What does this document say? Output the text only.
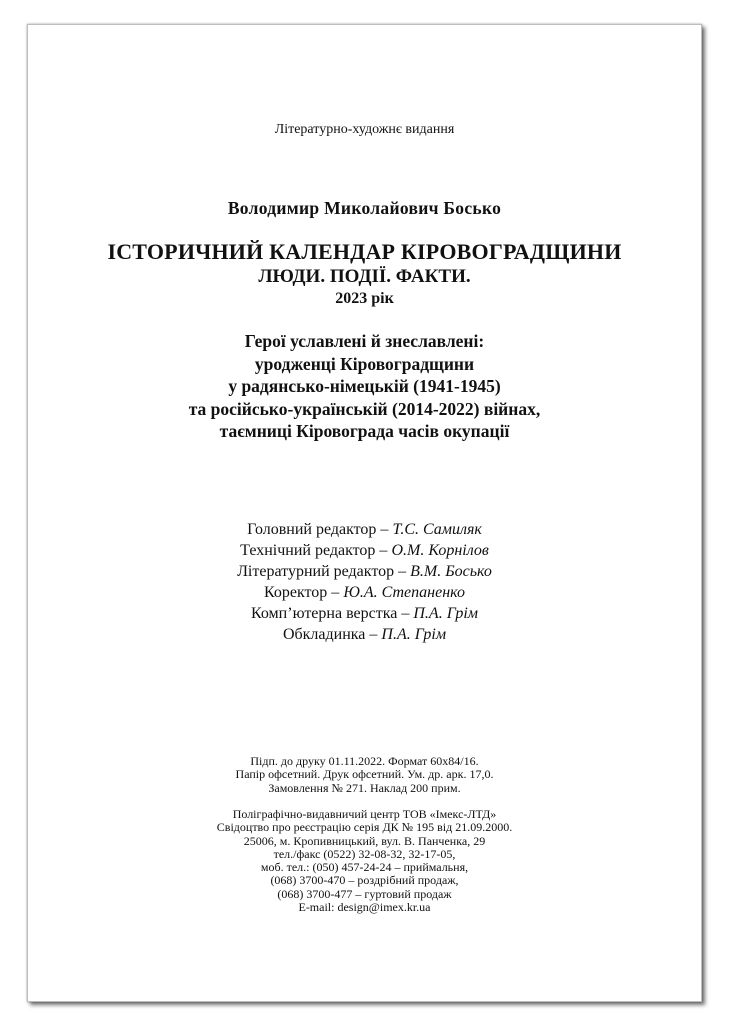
Літературно-художнє видання
Володимир Миколайович Босько
ІСТОРИЧНИЙ КАЛЕНДАР КІРОВОГРАДЩИНИ
ЛЮДИ. ПОДІЇ. ФАКТИ.
2023 рік
Герої уславлені й знеславлені:
уродженці Кіровоградщини
у радянсько-німецькій (1941-1945)
та російсько-українській (2014-2022) війнах,
таємниці Кіровограда часів окупації
Головний редактор – Т.С. Самиляк
Технічний редактор – О.М. Корнілов
Літературний редактор – В.М. Босько
Коректор – Ю.А. Степаненко
Комп’ютерна верстка – П.А. Грім
Обкладинка – П.А. Грім
Підп. до друку 01.11.2022. Формат 60х84/16.
Папір офсетний. Друк офсетний. Ум. др. арк. 17,0.
Замовлення № 271. Наклад 200 прим.
Поліграфічно-видавничий центр ТОВ «Імекс-ЛТД»
Свідоцтво про реєстрацію серія ДК № 195 від 21.09.2000.
25006, м. Кропивницький, вул. В. Панченка, 29
тел./факс (0522) 32-08-32, 32-17-05,
моб. тел.: (050) 457-24-24 – приймальня,
(068) 3700-470 – роздрібний продаж,
(068) 3700-477 – гуртовий продаж
E-mail: design@imex.kr.ua
